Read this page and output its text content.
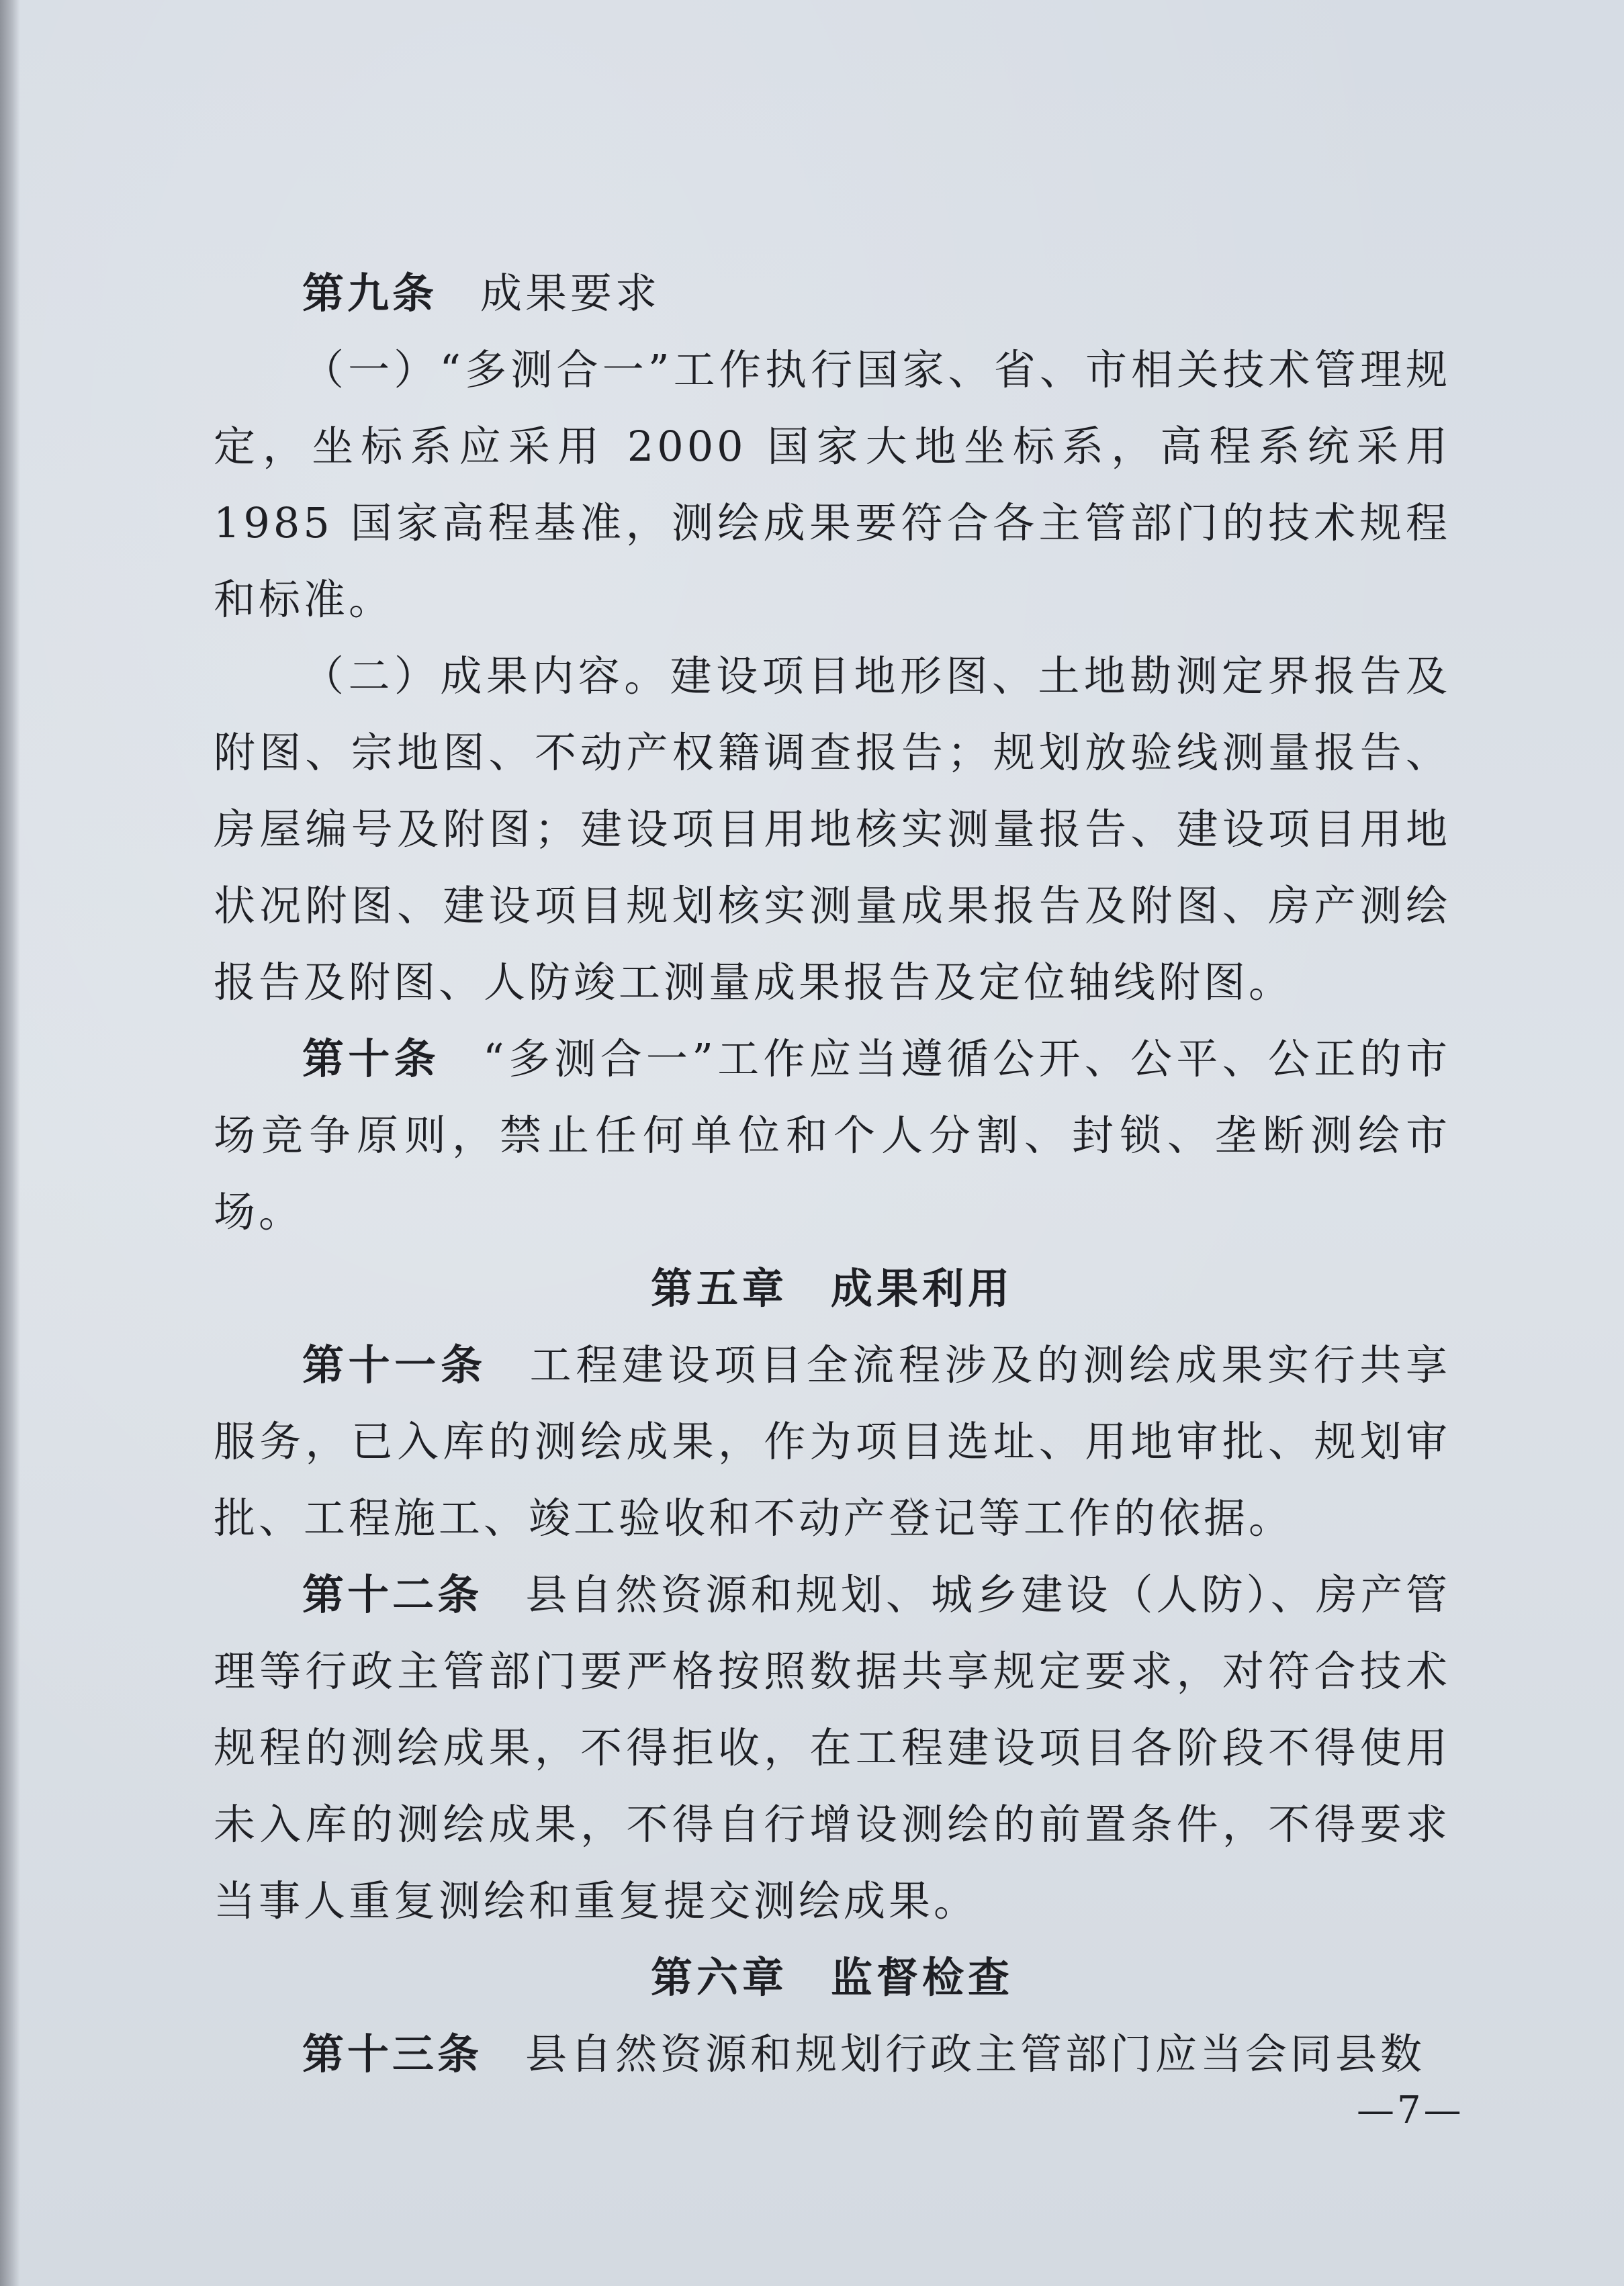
第九条 成果要求

（一）“多测合一”工作执行国家、省、市相关技术管理规定，坐标系应采用 2000 国家大地坐标系，高程系统采用 1985 国家高程基准，测绘成果要符合各主管部门的技术规程和标准。

（二）成果内容。建设项目地形图、土地勘测定界报告及附图、宗地图、不动产权籍调查报告；规划放验线测量报告、房屋编号及附图；建设项目用地核实测量报告、建设项目用地状况附图、建设项目规划核实测量成果报告及附图、房产测绘报告及附图、人防竣工测量成果报告及定位轴线附图。

第十条 “多测合一”工作应当遵循公开、公平、公正的市场竞争原则，禁止任何单位和个人分割、封锁、垄断测绘市场。

第五章 成果利用

第十一条 工程建设项目全流程涉及的测绘成果实行共享服务，已入库的测绘成果，作为项目选址、用地审批、规划审批、工程施工、竣工验收和不动产登记等工作的依据。

第十二条 县自然资源和规划、城乡建设（人防）、房产管理等行政主管部门要严格按照数据共享规定要求，对符合技术规程的测绘成果，不得拒收，在工程建设项目各阶段不得使用未入库的测绘成果，不得自行增设测绘的前置条件，不得要求当事人重复测绘和重复提交测绘成果。

第六章 监督检查

第十三条 县自然资源和规划行政主管部门应当会同县数

—7—
